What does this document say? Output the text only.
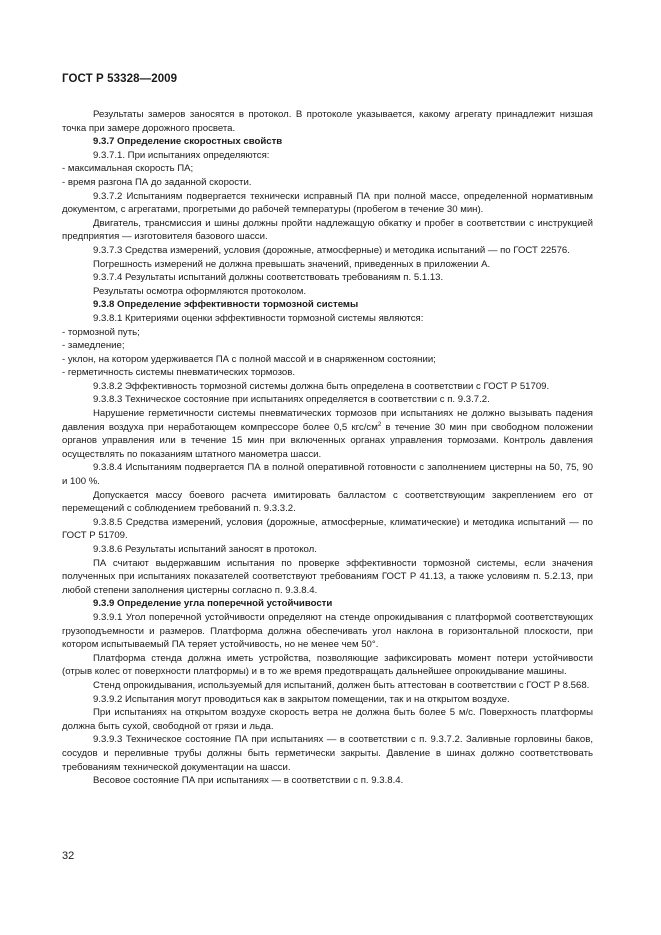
ГОСТ Р 53328—2009

Результаты замеров заносятся в протокол. В протоколе указывается, какому агрегату принадлежит низшая точка при замере дорожного просвета.

9.3.7 Определение скоростных свойств

9.3.7.1. При испытаниях определяются:

- максимальная скорость ПА;

- время разгона ПА до заданной скорости.

9.3.7.2 Испытаниям подвергается технически исправный ПА при полной массе, определенной нормативным документом, с агрегатами, прогретыми до рабочей температуры (пробегом в течение 30 мин).

Двигатель, трансмиссия и шины должны пройти надлежащую обкатку и пробег в соответствии с инструкцией предприятия — изготовителя базового шасси.

9.3.7.3 Средства измерений, условия (дорожные, атмосферные) и методика испытаний — по ГОСТ 22576.

Погрешность измерений не должна превышать значений, приведенных в приложении А.

9.3.7.4 Результаты испытаний должны соответствовать требованиям п. 5.1.13.

Результаты осмотра оформляются протоколом.

9.3.8 Определение эффективности тормозной системы

9.3.8.1 Критериями оценки эффективности тормозной системы являются:

- тормозной путь;

- замедление;

- уклон, на котором удерживается ПА с полной массой и в снаряженном состоянии;

- герметичность системы пневматических тормозов.

9.3.8.2 Эффективность тормозной системы должна быть определена в соответствии с ГОСТ Р 51709.

9.3.8.3 Техническое состояние при испытаниях определяется в соответствии с п. 9.3.7.2.

Нарушение герметичности системы пневматических тормозов при испытаниях не должно вызывать падения давления воздуха при неработающем компрессоре более 0,5 кгс/$см^2$ в течение 30 мин при свободном положении органов управления или в течение 15 мин при включенных органах управления тормозами. Контроль давления осуществлять по показаниям штатного манометра шасси.

9.3.8.4 Испытаниям подвергается ПА в полной оперативной готовности с заполнением цистерны на 50, 75, 90 и 100 %.

Допускается массу боевого расчета имитировать балластом с соответствующим закреплением его от перемещений с соблюдением требований п. 9.3.3.2.

9.3.8.5 Средства измерений, условия (дорожные, атмосферные, климатические) и методика испытаний — по ГОСТ Р 51709.

9.3.8.6 Результаты испытаний заносят в протокол.

ПА считают выдержавшим испытания по проверке эффективности тормозной системы, если значения полученных при испытаниях показателей соответствуют требованиям ГОСТ Р 41.13, а также условиям п. 5.2.13, при любой степени заполнения цистерны согласно п. 9.3.8.4.

9.3.9 Определение угла поперечной устойчивости

9.3.9.1 Угол поперечной устойчивости определяют на стенде опрокидывания с платформой соответствующих грузоподъемности и размеров. Платформа должна обеспечивать угол наклона в горизонтальной плоскости, при котором испытываемый ПА теряет устойчивость, но не менее чем 50°.

Платформа стенда должна иметь устройства, позволяющие зафиксировать момент потери устойчивости (отрыв колес от поверхности платформы) и в то же время предотвращать дальнейшее опрокидывание машины.

Стенд опрокидывания, используемый для испытаний, должен быть аттестован в соответствии с ГОСТ Р 8.568.

9.3.9.2 Испытания могут проводиться как в закрытом помещении, так и на открытом воздухе.

При испытаниях на открытом воздухе скорость ветра не должна быть более 5 м/с. Поверхность платформы должна быть сухой, свободной от грязи и льда.

9.3.9.3 Техническое состояние ПА при испытаниях — в соответствии с п. 9.3.7.2. Заливные горловины баков, сосудов и переливные трубы должны быть герметически закрыты. Давление в шинах должно соответствовать требованиям технической документации на шасси.

Весовое состояние ПА при испытаниях — в соответствии с п. 9.3.8.4.

32
